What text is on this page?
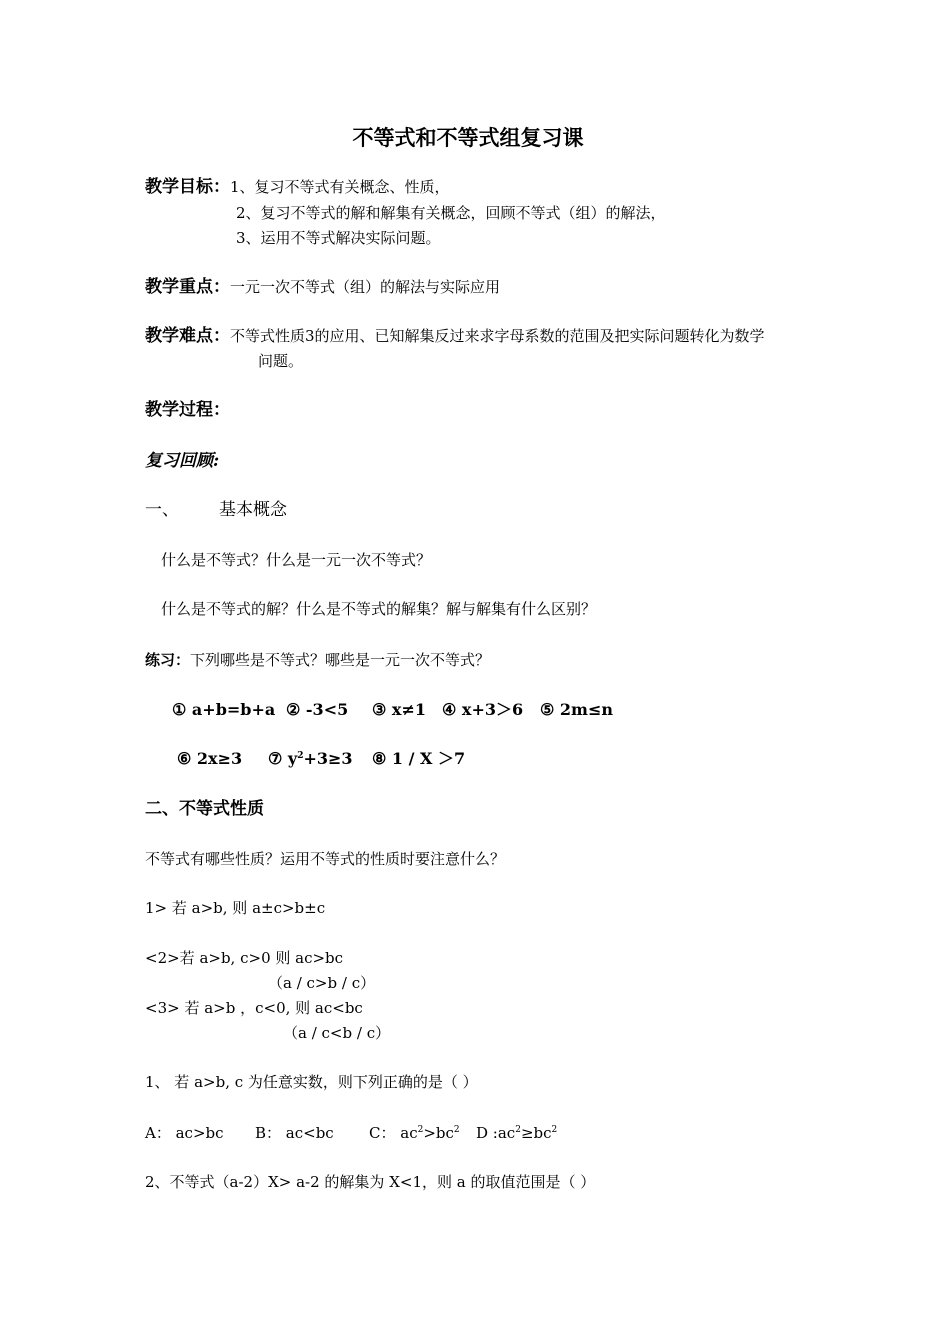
不等式和不等式组复习课
教学目标：1、复习不等式有关概念、性质，
2、复习不等式的解和解集有关概念，回顾不等式（组）的解法，
3、运用不等式解决实际问题。
教学重点：一元一次不等式（组）的解法与实际应用
教学难点：不等式性质3的应用、已知解集反过来求字母系数的范围及把实际问题转化为数学
问题。
教学过程：
复习回顾:
一、 基本概念
什么是不等式？什么是一元一次不等式？
什么是不等式的解？什么是不等式的解集？解与解集有什么区别？
练习：下列哪些是不等式？哪些是一元一次不等式？
① a+b=b+a ② -3<5 ③ x≠1 ④ x+3＞6 ⑤ 2m≤n
⑥ 2x≥3 ⑦ $y^2+3\ge 3$ ⑧ 1 / X ＞7
二、不等式性质
不等式有哪些性质？运用不等式的性质时要注意什么？
1> 若 a>b, 则 a±c>b±c
<2>若 a>b, c>0 则 ac>bc
（a / c>b / c）
<3> 若 a>b ，c<0, 则 ac<bc
（a / c<b / c）
1、 若 a>b, c 为任意实数，则下列正确的是（ ）
A： ac>bc B： ac<bc C： $ac^2>bc^2$ D $:ac^2\ge bc^2$
2、不等式（a-2）X> a-2 的解集为 X<1，则 a 的取值范围是（ ）
